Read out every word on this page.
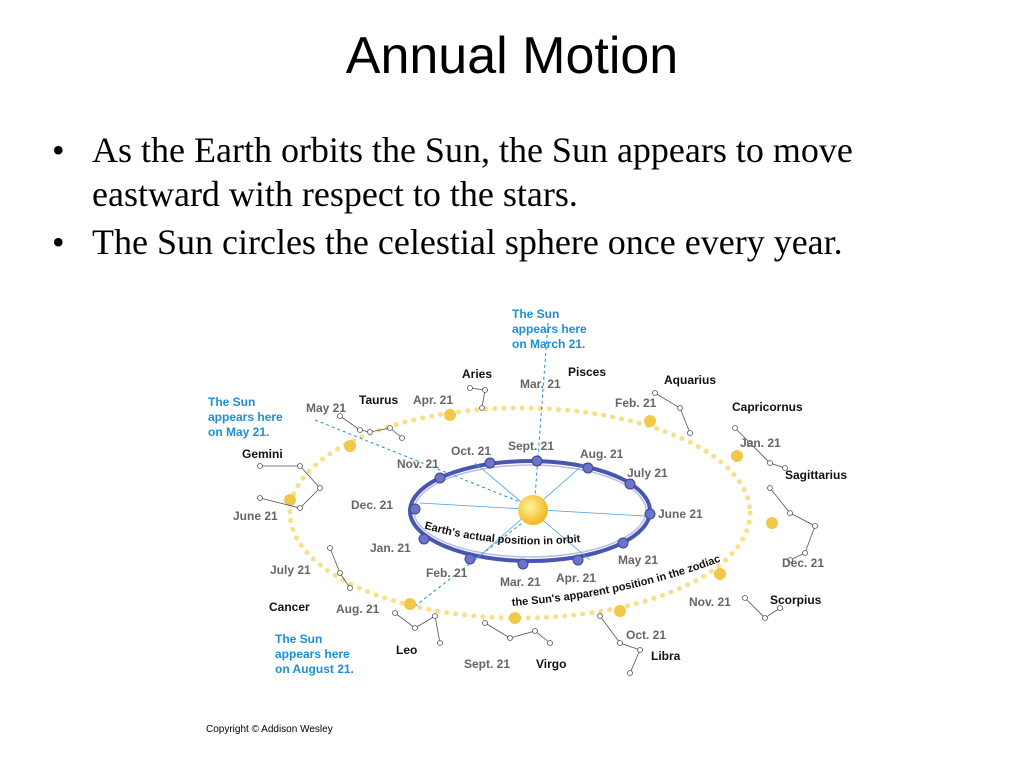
Annual Motion
• As the Earth orbits the Sun, the Sun appears to move eastward with respect to the stars.
• The Sun circles the celestial sphere once every year.
The Sun
appears here
on March 21.
The Sun
appears here
on May 21.
The Sun
appears here
on August 21.
Aries	Pisces
Aquarius
Capricornus
Taurus
Gemini
Sagittarius
Scorpius
Cancer
Leo
Virgo
Libra
Mar. 21
Apr. 21
May 21	Feb. 21
Jan. 21
June 21
Dec. 21
July 21
Nov. 21
Aug. 21
Oct. 21
Sept. 21
Oct. 21 Sept. 21
Aug. 21
Nov. 21
July 21
Dec. 21
June 21
Jan. 21
May 21
Feb. 21
Mar. 21 Apr. 21
Earth's actual position in orbit
the Sun's apparent position in the zodiac
Copyright © Addison Wesley
